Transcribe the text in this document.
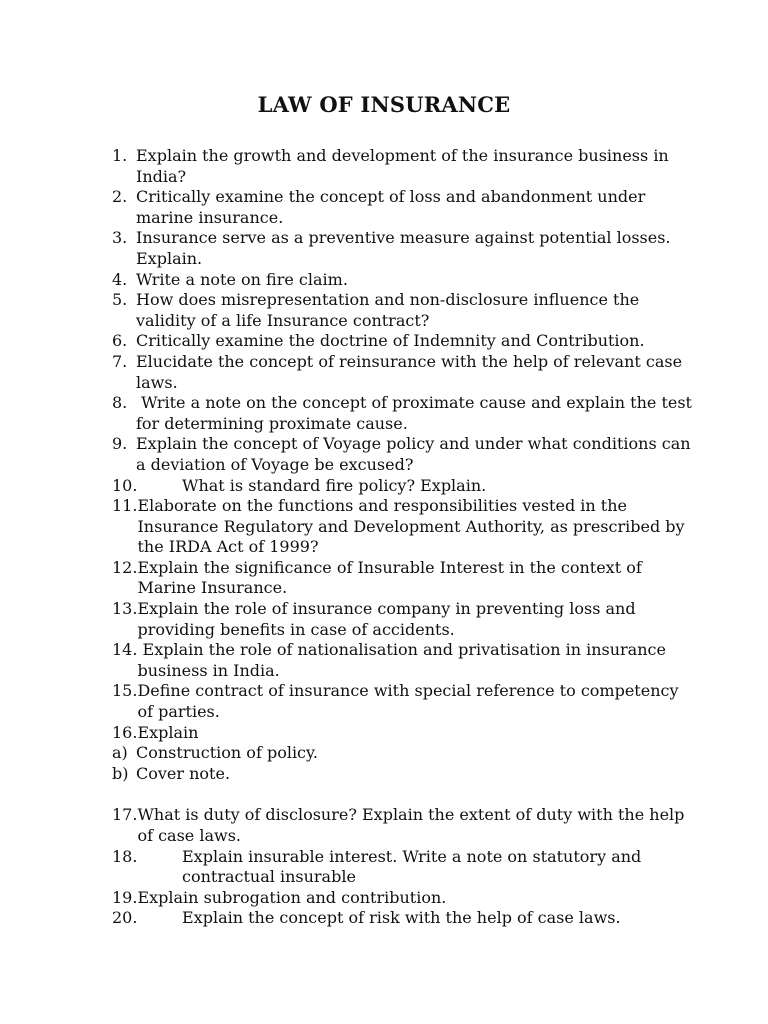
LAW OF INSURANCE
1. Explain the growth and development of the insurance business in India?
2. Critically examine the concept of loss and abandonment under marine insurance.
3. Insurance serve as a preventive measure against potential losses. Explain.
4. Write a note on fire claim.
5. How does misrepresentation and non-disclosure influence the validity of a life Insurance contract?
6. Critically examine the doctrine of Indemnity and Contribution.
7. Elucidate the concept of reinsurance with the help of relevant case laws.
8. Write a note on the concept of proximate cause and explain the test for determining proximate cause.
9. Explain the concept of Voyage policy and under what conditions can a deviation of Voyage be excused?
10.	What is standard fire policy? Explain.
11. Elaborate on the functions and responsibilities vested in the Insurance Regulatory and Development Authority, as prescribed by the IRDA Act of 1999?
12. Explain the significance of Insurable Interest in the context of Marine Insurance.
13. Explain the role of insurance company in preventing loss and providing benefits in case of accidents.
14. Explain the role of nationalisation and privatisation in insurance business in India.
15. Define contract of insurance with special reference to competency of parties.
16. Explain
a) Construction of policy.
b) Cover note.
17. What is duty of disclosure? Explain the extent of duty with the help of case laws.
18.	Explain insurable interest. Write a note on statutory and contractual insurable
19. Explain subrogation and contribution.
20.	Explain the concept of risk with the help of case laws.
